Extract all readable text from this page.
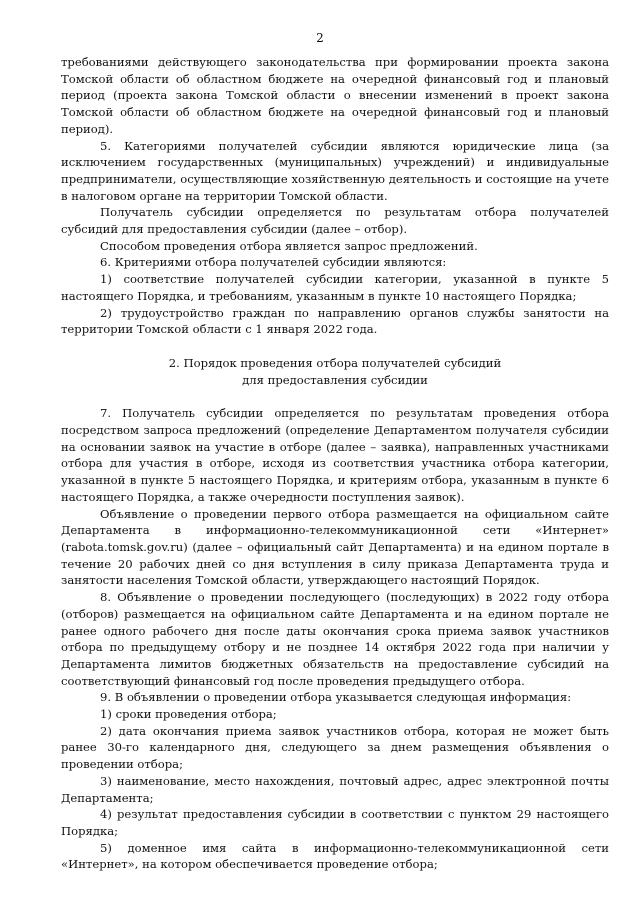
2

требованиями действующего законодательства при формировании проекта закона Томской области об областном бюджете на очередной финансовый год и плановый период (проекта закона Томской области о внесении изменений в проект закона Томской области об областном бюджете на очередной финансовый год и плановый период).

5. Категориями получателей субсидии являются юридические лица (за исключением государственных (муниципальных) учреждений) и индивидуальные предприниматели, осуществляющие хозяйственную деятельность и состоящие на учете в налоговом органе на территории Томской области.

Получатель субсидии определяется по результатам отбора получателей субсидий для предоставления субсидии (далее – отбор).

Способом проведения отбора является запрос предложений.

6. Критериями отбора получателей субсидии являются:

1) соответствие получателей субсидии категории, указанной в пункте 5 настоящего Порядка, и требованиям, указанным в пункте 10 настоящего Порядка;

2) трудоустройство граждан по направлению органов службы занятости на территории Томской области с 1 января 2022 года.

2. Порядок проведения отбора получателей субсидий

для предоставления субсидии

7. Получатель субсидии определяется по результатам проведения отбора посредством запроса предложений (определение Департаментом получателя субсидии на основании заявок на участие в отборе (далее – заявка), направленных участниками отбора для участия в отборе, исходя из соответствия участника отбора категории, указанной в пункте 5 настоящего Порядка, и критериям отбора, указанным в пункте 6 настоящего Порядка, а также очередности поступления заявок).

Объявление о проведении первого отбора размещается на официальном сайте Департамента в информационно-телекоммуникационной сети «Интернет» (rabota.tomsk.gov.ru) (далее – официальный сайт Департамента) и на едином портале в течение 20 рабочих дней со дня вступления в силу приказа Департамента труда и занятости населения Томской области, утверждающего настоящий Порядок.

8. Объявление о проведении последующего (последующих) в 2022 году отбора (отборов) размещается на официальном сайте Департамента и на едином портале не ранее одного рабочего дня после даты окончания срока приема заявок участников отбора по предыдущему отбору и не позднее 14 октября 2022 года при наличии у Департамента лимитов бюджетных обязательств на предоставление субсидий на соответствующий финансовый год после проведения предыдущего отбора.

9. В объявлении о проведении отбора указывается следующая информация:

1) сроки проведения отбора;

2) дата окончания приема заявок участников отбора, которая не может быть ранее 30-го календарного дня, следующего за днем размещения объявления о проведении отбора;

3) наименование, место нахождения, почтовый адрес, адрес электронной почты Департамента;

4) результат предоставления субсидии в соответствии с пунктом 29 настоящего Порядка;

5) доменное имя сайта в информационно-телекоммуникационной сети «Интернет», на котором обеспечивается проведение отбора;
